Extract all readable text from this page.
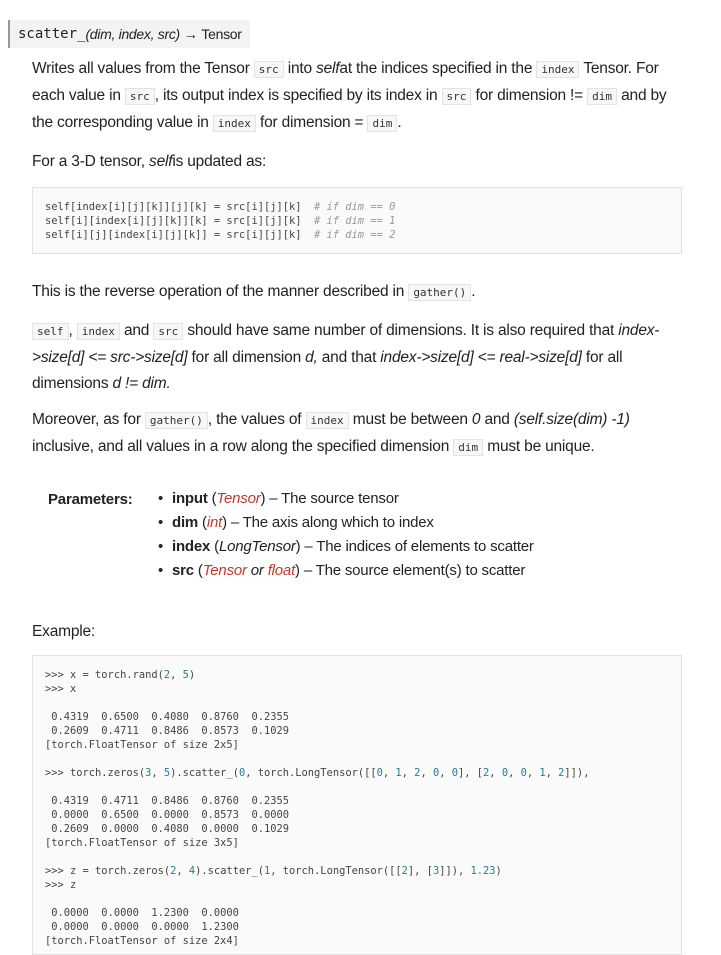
scatter_ (dim, index, src)
→
Tensor

Writes all values from the Tensor src into selfat the indices specified in the index Tensor. For each value in src , its output index is specified by its index in src for dimension != dim and by the corresponding value in index for dimension = dim .

For a 3-D tensor, selfis updated as:

self[index[i][j][k]][j][k] = src[i][j][k]  # if dim == 0
self[i][index[i][j][k]][k] = src[i][j][k]  # if dim == 1
self[i][j][index[i][j][k]] = src[i][j][k]  # if dim == 2

This is the reverse operation of the manner described in gather() .

self , index and src should have same number of dimensions. It is also required that index->size[d] <= src->size[d] for all dimension d, and that index->size[d] <= real->size[d] for all dimensions d != dim.

Moreover, as for gather() , the values of index must be between 0 and (self.size(dim) -1) inclusive, and all values in a row along the specified dimension dim must be unique.

Parameters:
•	input (Tensor) – The source tensor
• dim (int) – The axis along which to index
• index (LongTensor) – The indices of elements to scatter
• src (Tensor or float) – The source element(s) to scatter

Example:

>>> x = torch.rand(2, 5)
>>> x

0.4319  0.6500  0.4080  0.8760  0.2355
0.2609  0.4711  0.8486  0.8573  0.1029
[torch.FloatTensor of size 2x5]

>>> torch.zeros(3, 5).scatter_(0, torch.LongTensor([[0, 1, 2, 0, 0], [2, 0, 0, 1, 2]]),

0.4319  0.4711  0.8486  0.8760  0.2355
0.0000  0.6500  0.0000  0.8573  0.0000
0.2609  0.0000  0.4080  0.0000  0.1029
[torch.FloatTensor of size 3x5]

>>> z = torch.zeros(2, 4).scatter_(1, torch.LongTensor([[2], [3]]), 1.23)
>>> z

0.0000  0.0000  1.2300  0.0000
0.0000  0.0000  0.0000  1.2300
[torch.FloatTensor of size 2x4]
